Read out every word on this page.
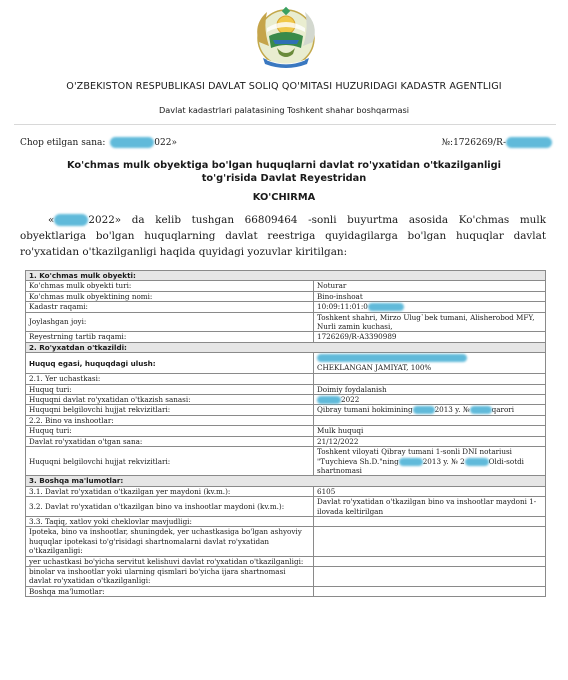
O'ZBEKISTON RESPUBLIKASI DAVLAT SOLIQ QO'MITASI HUZURIDAGI KADASTR AGENTLIGI
Davlat kadastrlari palatasining Toshkent shahar boshqarmasi
Chop etilgan sana:	022»	№:1726269/R-
Ko'chmas mulk obyektiga bo'lgan huquqlarni davlat ro'yxatidan o'tkazilganligi to'g'risida Davlat Reyestridan
KO'CHIRMA
«	2022» da kelib tushgan 66809464 -sonli buyurtma asosida Ko'chmas mulk obyektlariga bo'lgan huquqlarning davlat reestriga quyidagilarga bo'lgan huquqlar davlat ro'yxatidan o'tkazilganligi haqida quyidagi yozuvlar kiritilgan:
1. Ko'chmas mulk obyekti:	
Ko'chmas mulk obyekti turi:	Noturar
Ko'chmas mulk obyektining nomi:	Bino-inshoat
Kadastr raqami:	10:09:11:01:0
Joylashgan joyi:	Toshkent shahri, Mirzo Ulug`bek tumani, Alisherobod MFY, Nurli zamin kuchasi,
Reyestrning tartib raqami:	1726269/R-A3390989
2. Ro'yxatdan o'tkazildi:	
Huquq egasi, huquqdagi ulush:	CHEKLANGAN JAMIYAT, 100%
2.1. Yer uchastkasi:	
Huquq turi:	Doimiy foydalanish
Huquqni davlat ro'yxatidan o'tkazish sanasi:	2022
Huquqni belgilovchi hujjat rekvizitlari:	Qibray tumani hokimining 2013 y. № qarori
2.2. Bino va inshootlar:	
Huquq turi:	Mulk huquqi
Davlat ro'yxatidan o'tgan sana:	21/12/2022
Huquqni belgilovchi hujjat rekvizitlari:	Toshkent viloyati Qibray tumani 1-sonli DNI notariusi
"Tuychieva Sh.D."ning 2013 y. № 2 Oldi-sotdi
shartnomasi
3. Boshqa ma'lumotlar:	
3.1. Davlat ro'yxatidan o'tkazilgan yer maydoni (kv.m.):	6105
3.2. Davlat ro'yxatidan o'tkazilgan bino va inshootlar maydoni (kv.m.):	Davlat ro'yxatidan o'tkazilgan bino va inshootlar maydoni 1-ilovada keltirilgan
3.3. Taqiq, xatlov yoki cheklovlar mavjudligi:	
Ipoteka, bino va inshootlar, shuningdek, yer uchastkasiga bo'lgan ashyoviy huquqlar ipotekasi to'g'risidagi shartnomalarni davlat ro'yxatidan o'tkazilganligi:	
yer uchastkasi bo'yicha servitut kelishuvi davlat ro'yxatidan o'tkazilganligi:	
binolar va inshootlar yoki ularning qismlari bo'yicha ijara shartnomasi davlat ro'yxatidan o'tkazilganligi:	
Boshqa ma'lumotlar:	
